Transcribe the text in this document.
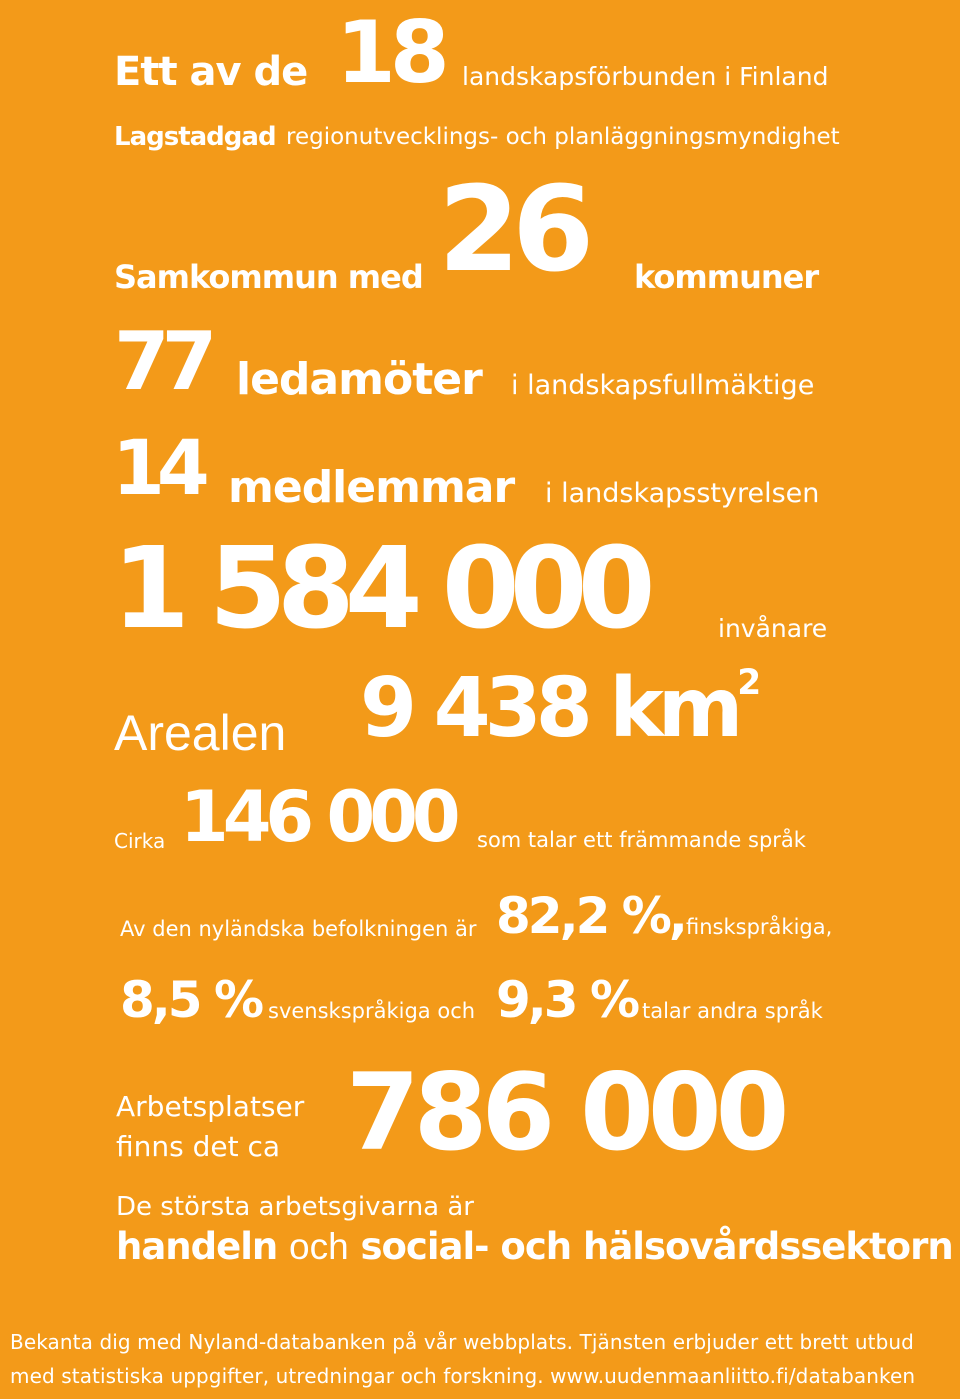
Ett av de 18 landskapsförbunden i Finland
Lagstadgad regionutvecklings- och planläggningsmyndighet
Samkommun med 26 kommuner
77 ledamöter i landskapsfullmäktige
14 medlemmar i landskapsstyrelsen
1 584 000	invånare
Arealen 9 438 $km^2$
Cirka 146 000 som talar ett främmande språk
Av den nyländska befolkningen är 82,2 %, finskspråkiga,
8,5 % svenskspråkiga och 9,3 % talar andra språk
Arbetsplatser
finns det ca 786 000
De största arbetsgivarna är
handeln och social- och hälsovårdssektorn
Bekanta dig med Nyland-databanken på vår webbplats. Tjänsten erbjuder ett brett utbud
med statistiska uppgifter, utredningar och forskning. www.uudenmaanliitto.fi/databanken
